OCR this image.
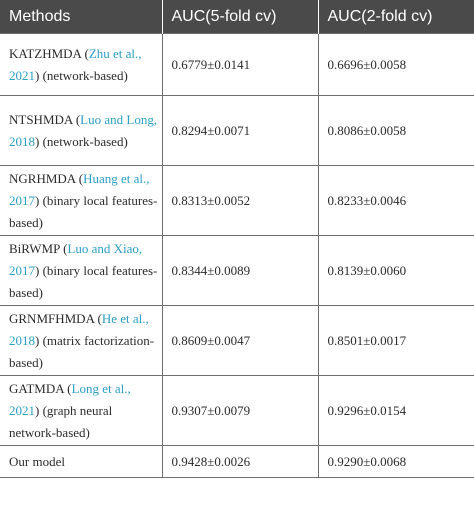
Methods	AUC(5-fold cv)	AUC(2-fold cv)
KATZHMDA (Zhu et al., 2021) (network-based)	0.6779±0.0141	0.6696±0.0058
NTSHMDA (Luo and Long, 2018) (network-based)	0.8294±0.0071	0.8086±0.0058
NGRHMDA (Huang et al., 2017) (binary local features-based)	0.8313±0.0052	0.8233±0.0046
BiRWMP (Luo and Xiao, 2017) (binary local features-based)	0.8344±0.0089	0.8139±0.0060
GRNMFHMDA (He et al., 2018) (matrix factorization-based)	0.8609±0.0047	0.8501±0.0017
GATMDA (Long et al., 2021) (graph neural network-based)	0.9307±0.0079	0.9296±0.0154
Our model	0.9428±0.0026	0.9290±0.0068
